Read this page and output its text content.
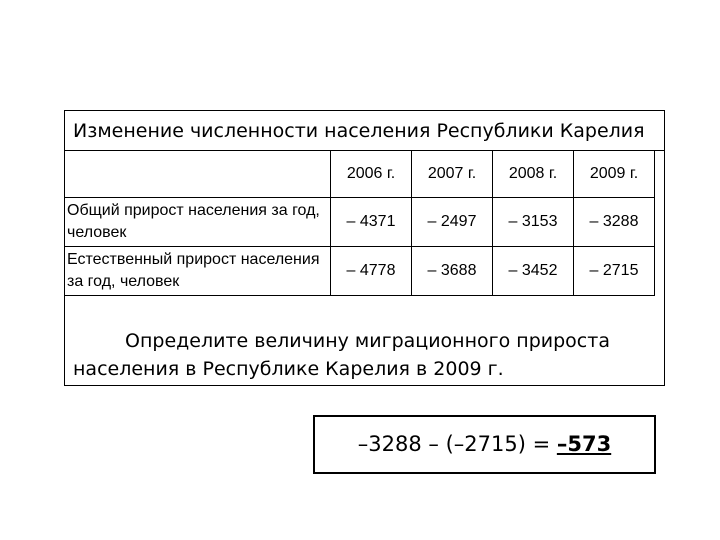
Изменение численности населения Республики Карелия
	2006 г.	2007 г.	2008 г.	2009 г.
Общий прирост населения за год, человек	– 4371	– 2497	– 3153	– 3288
Естественный прирост населения за год, человек	– 4778	– 3688	– 3452	– 2715
Определите величину миграционного прироста
населения в Республике Карелия в 2009 г.
–3288 – (–2715) = –573
